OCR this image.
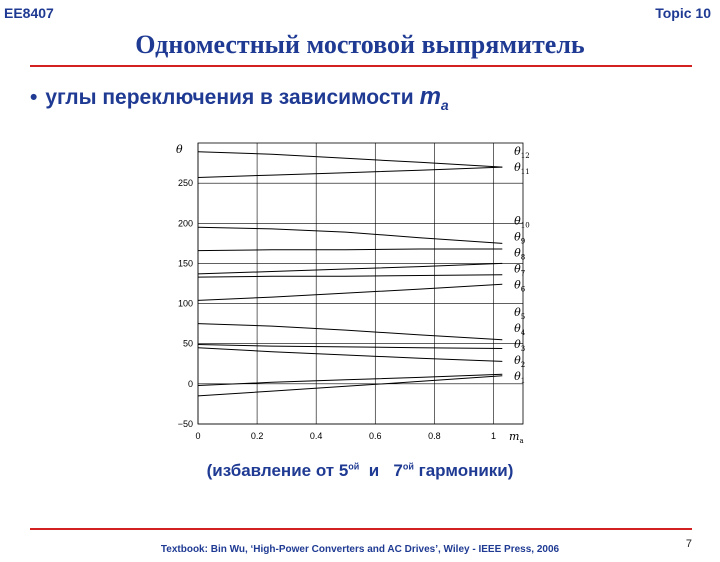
EE8407	Topic 10
Одноместный мостовой выпрямитель
• углы переключения в зависимости $m_a$
−50
0
50
100
150
200
250
0	0.2	0.4	0.6	0.8	1
θ
$m_a$
$\theta_1$
$\theta_2$
$\theta_3$
$\theta_4$
$\theta_5$
$\theta_6$
$\theta_7$
$\theta_8$
$\theta_9$
$\theta_{10}$
$\theta_{11}$
$\theta_{12}$
(избавление от $5^{ой}$ и $7^{ой}$ гармоники)
Textbook: Bin Wu, ‘High-Power Converters and AC Drives’, Wiley - IEEE Press, 2006	7
